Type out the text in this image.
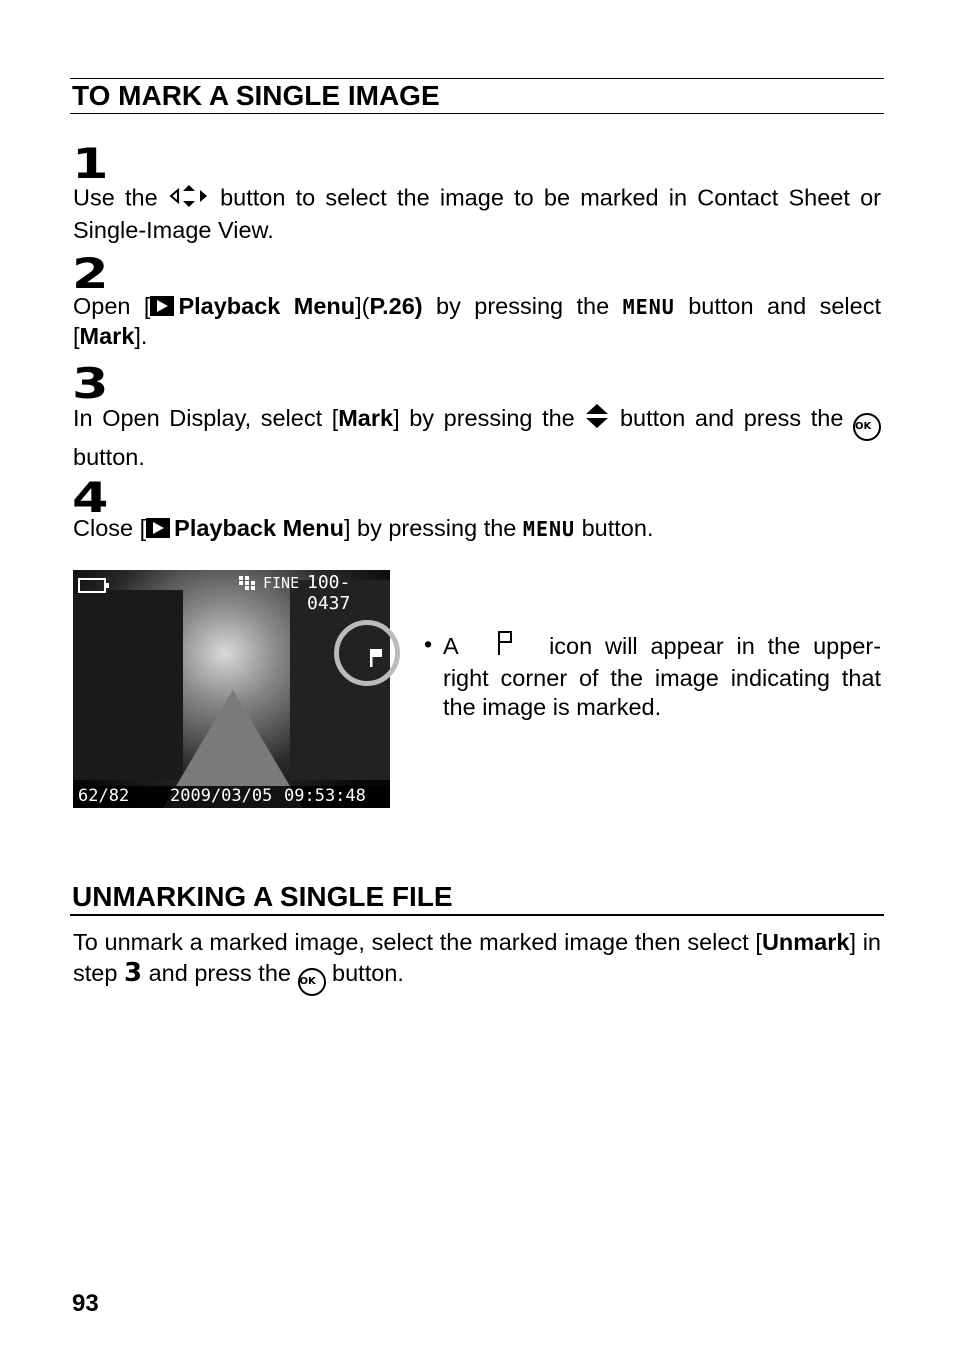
TO MARK A SINGLE IMAGE
1
Use the	button to select the image to be marked in Contact Sheet or Single-Image View.
2
Open [ Playback Menu](P.26) by pressing the MENU button and select [Mark].
3
In Open Display, select [Mark] by pressing the button and press the OK button.
4
Close [ Playback Menu] by pressing the MENU button.
FINE 100-0437
62/82 2009/03/05 09:53:48 AM
• A	icon will appear in the upper-right corner of the image indicating that the image is marked.
UNMARKING A SINGLE FILE
To unmark a marked image, select the marked image then select [Unmark] in step 3 and press the OK button.
93
